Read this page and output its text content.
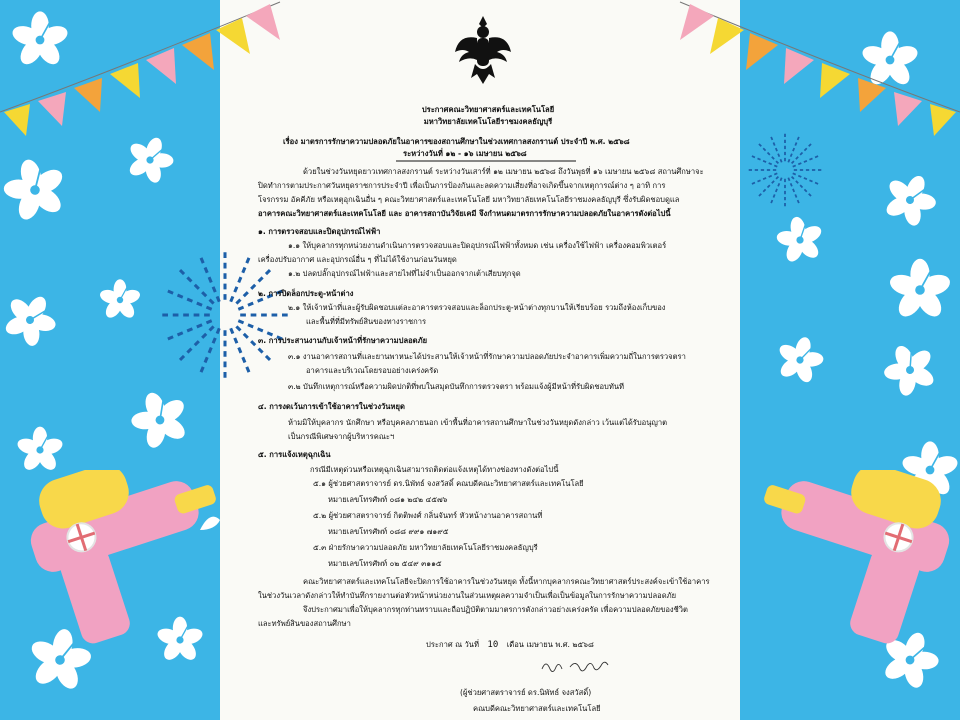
ประกาศคณะวิทยาศาสตร์และเทคโนโลยี
มหาวิทยาลัยเทคโนโลยีราชมงคลธัญบุรี
เรื่อง มาตรการรักษาความปลอดภัยในอาคารของสถานศึกษาในช่วงเทศกาลสงกรานต์ ประจำปี พ.ศ. ๒๕๖๘
ระหว่างวันที่ ๑๒ - ๑๖ เมษายน ๒๕๖๘
ด้วยในช่วงวันหยุดยาวเทศกาลสงกรานต์ ระหว่างวันเสาร์ที่ ๑๒ เมษายน ๒๕๖๘ ถึงวันพุธที่ ๑๖ เมษายน ๒๕๖๘ สถานศึกษาจะ
ปิดทำการตามประกาศวันหยุดราชการประจำปี เพื่อเป็นการป้องกันและลดความเสี่ยงที่อาจเกิดขึ้นจากเหตุการณ์ต่าง ๆ อาทิ การ
โจรกรรม อัคคีภัย หรือเหตุอุกเฉินอื่น ๆ คณะวิทยาศาสตร์และเทคโนโลยี มหาวิทยาลัยเทคโนโลยีราชมงคลธัญบุรี ซึ่งรับผิดชอบดูแล
อาคารคณะวิทยาศาสตร์และเทคโนโลยี และ อาคารสถาบันวิจัยเคมี จึงกำหนดมาตรการรักษาความปลอดภัยในอาคารดังต่อไปนี้
๑. การตรวจสอบและปิดอุปกรณ์ไฟฟ้า
๑.๑ ให้บุคลากรทุกหน่วยงานดำเนินการตรวจสอบและปิดอุปกรณ์ไฟฟ้าทั้งหมด เช่น เครื่องใช้ไฟฟ้า เครื่องคอมพิวเตอร์
เครื่องปรับอากาศ และอุปกรณ์อื่น ๆ ที่ไม่ได้ใช้งานก่อนวันหยุด
๑.๒ ปลดปลั๊กอุปกรณ์ไฟฟ้าและสายไฟที่ไม่จำเป็นออกจากเต้าเสียบทุกจุด
๒. การปิดล็อกประตู-หน้าต่าง
๒.๑ ให้เจ้าหน้าที่และผู้รับผิดชอบแต่ละอาคารตรวจสอบและล็อกประตู-หน้าต่างทุกบานให้เรียบร้อย รวมถึงห้องเก็บของ
และพื้นที่ที่มีทรัพย์สินของทางราชการ
๓. การประสานงานกับเจ้าหน้าที่รักษาความปลอดภัย
๓.๑ งานอาคารสถานที่และยานพาหนะได้ประสานให้เจ้าหน้าที่รักษาความปลอดภัยประจำอาคารเพิ่มความถี่ในการตรวจตรา
อาคารและบริเวณโดยรอบอย่างเคร่งครัด
๓.๒ บันทึกเหตุการณ์หรือความผิดปกติที่พบในสมุดบันทึกการตรวจตรา พร้อมแจ้งผู้มีหน้าที่รับผิดชอบทันที
๔. การงดเว้นการเข้าใช้อาคารในช่วงวันหยุด
ห้ามมิให้บุคลากร นักศึกษา หรือบุคคลภายนอก เข้าพื้นที่อาคารสถานศึกษาในช่วงวันหยุดดังกล่าว เว้นแต่ได้รับอนุญาต
เป็นกรณีพิเศษจากผู้บริหารคณะฯ
๕. การแจ้งเหตุฉุกเฉิน
กรณีมีเหตุด่วนหรือเหตุฉุกเฉินสามารถติดต่อแจ้งเหตุได้ทางช่องทางดังต่อไปนี้
๕.๑ ผู้ช่วยศาสตราจารย์ ดร.นิพัทธ์ จงสวัสดิ์ คณบดีคณะวิทยาศาสตร์และเทคโนโลยี
หมายเลขโทรศัพท์ ๐๘๑ ๒๔๒ ๔๕๗๖
๕.๒ ผู้ช่วยศาสตราจารย์ กิตติพงศ์ กลิ่นจันทร์ หัวหน้างานอาคารสถานที่
หมายเลขโทรศัพท์ ๐๘๘ ๙๙๑ ๗๑๙๕
๕.๓ ฝ่ายรักษาความปลอดภัย มหาวิทยาลัยเทคโนโลยีราชมงคลธัญบุรี
หมายเลขโทรศัพท์ ๐๒ ๕๔๙ ๓๑๑๕
คณะวิทยาศาสตร์และเทคโนโลยีจะปิดการใช้อาคารในช่วงวันหยุด ทั้งนี้หากบุคลากรคณะวิทยาศาสตร์ประสงค์จะเข้าใช้อาคาร
ในช่วงวันเวลาดังกล่าวให้ทำบันทึกรายงานต่อหัวหน้าหน่วยงานในส่วนเหตุผลความจำเป็นเพื่อเป็นข้อมูลในการรักษาความปลอดภัย
จึงประกาศมาเพื่อให้บุคลากรทุกท่านทราบและถือปฏิบัติตามมาตรการดังกล่าวอย่างเคร่งครัด เพื่อความปลอดภัยของชีวิต
และทรัพย์สินของสถานศึกษา
ประกาศ ณ วันที่ 10 เดือน เมษายน พ.ศ. ๒๕๖๘
(ผู้ช่วยศาสตราจารย์ ดร.นิพัทธ์ จงสวัสดิ์)
คณบดีคณะวิทยาศาสตร์และเทคโนโลยี
